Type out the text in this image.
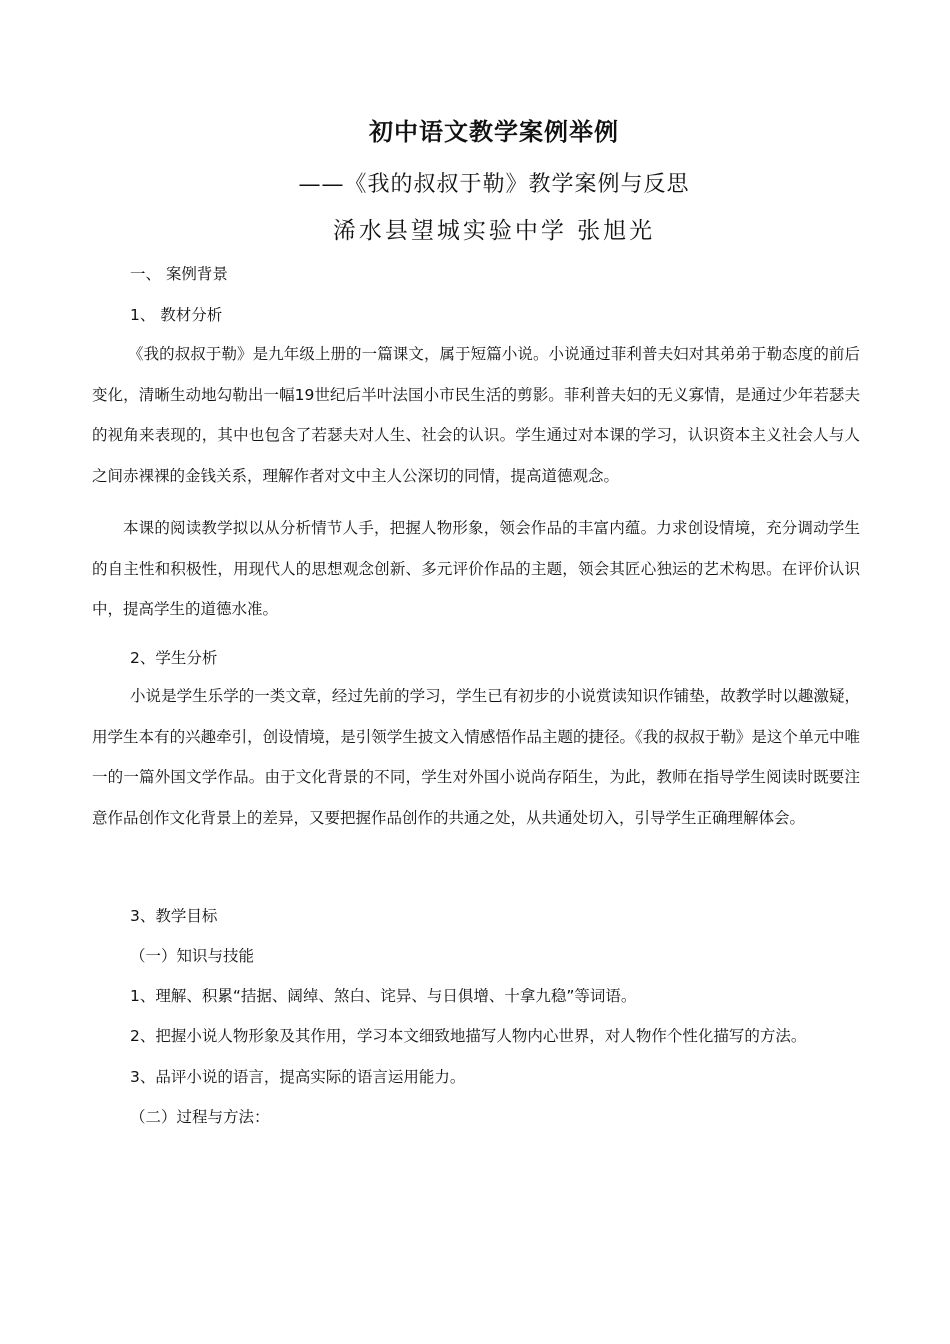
初中语文教学案例举例
——《我的叔叔于勒》教学案例与反思
浠水县望城实验中学 张旭光
一、 案例背景
1、 教材分析

《我的叔叔于勒》是九年级上册的一篇课文，属于短篇小说。小说通过菲利普夫妇对其弟弟于勒态度的前后变化，清晰生动地勾勒出一幅19世纪后半叶法国小市民生活的剪影。菲利普夫妇的无义寡情，是通过少年若瑟夫的视角来表现的，其中也包含了若瑟夫对人生、社会的认识。学生通过对本课的学习，认识资本主义社会人与人之间赤裸裸的金钱关系，理解作者对文中主人公深切的同情，提高道德观念。

本课的阅读教学拟以从分析情节人手，把握人物形象，领会作品的丰富内蕴。力求创设情境，充分调动学生的自主性和积极性，用现代人的思想观念创新、多元评价作品的主题，领会其匠心独运的艺术构思。在评价认识中，提高学生的道德水准。

2、学生分析

小说是学生乐学的一类文章，经过先前的学习，学生已有初步的小说赏读知识作铺垫，故教学时以趣激疑，用学生本有的兴趣牵引，创设情境，是引领学生披文入情感悟作品主题的捷径。《我的叔叔于勒》是这个单元中唯一的一篇外国文学作品。由于文化背景的不同，学生对外国小说尚存陌生，为此，教师在指导学生阅读时既要注意作品创作文化背景上的差异，又要把握作品创作的共通之处，从共通处切入，引导学生正确理解体会。

3、教学目标
（一）知识与技能
1、理解、积累“拮据、阔绰、煞白、诧异、与日俱增、十拿九稳”等词语。
2、把握小说人物形象及其作用，学习本文细致地描写人物内心世界，对人物作个性化描写的方法。
3、品评小说的语言，提高实际的语言运用能力。
（二）过程与方法：
